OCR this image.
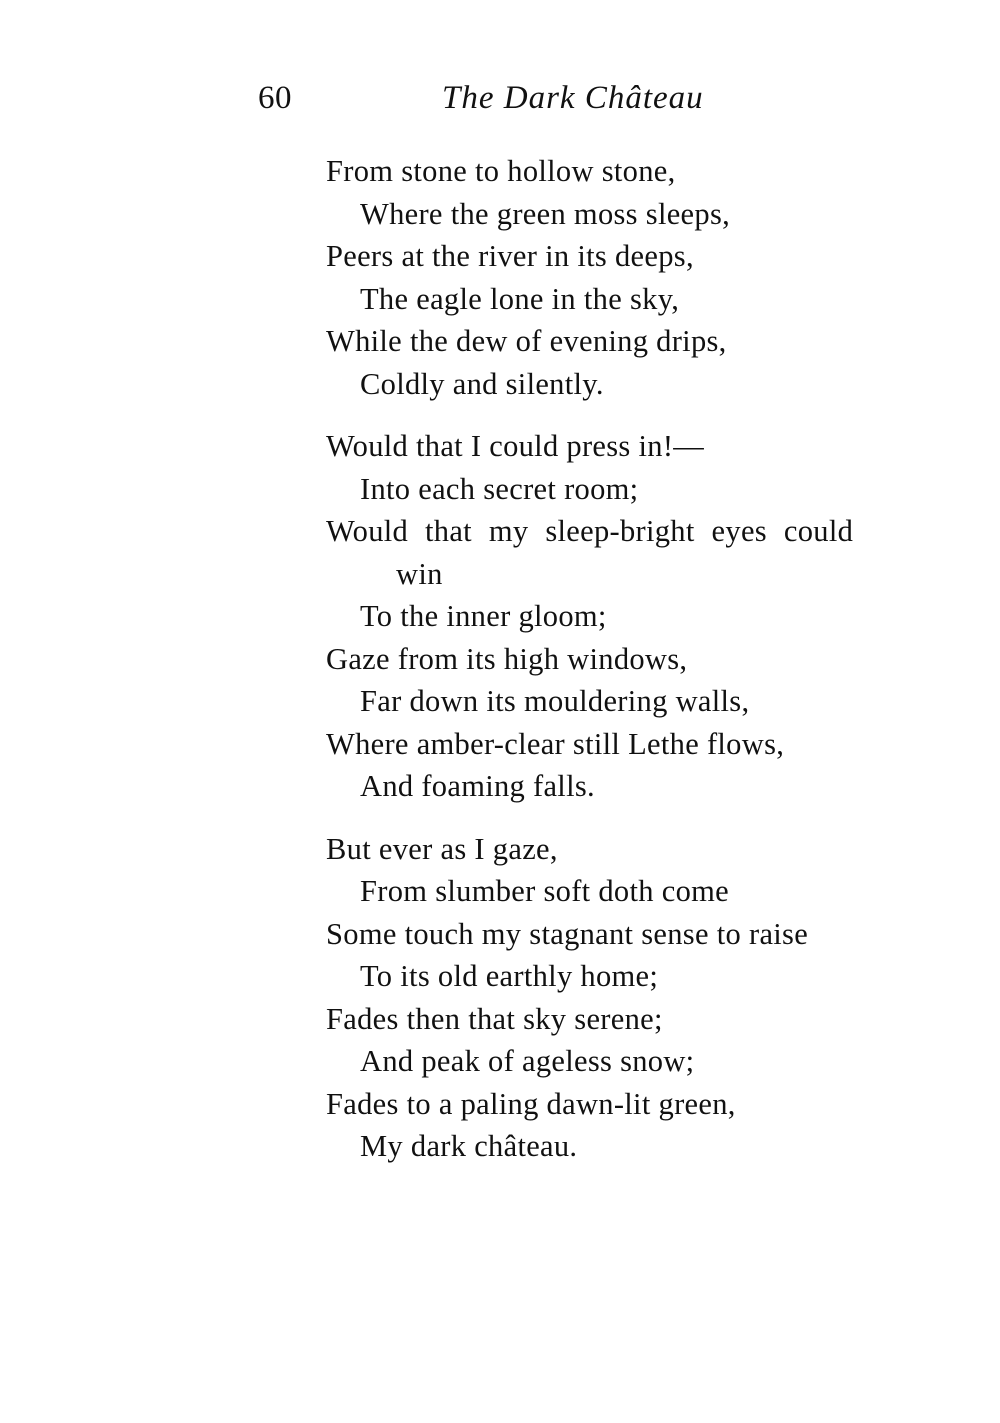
60	The Dark Château
From stone to hollow stone,
Where the green moss sleeps,
Peers at the river in its deeps,
The eagle lone in the sky,
While the dew of evening drips,
Coldly and silently.
Would that I could press in!—
Into each secret room;
Would that my sleep-bright eyes could
win
To the inner gloom;
Gaze from its high windows,
Far down its mouldering walls,
Where amber-clear still Lethe flows,
And foaming falls.
But ever as I gaze,
From slumber soft doth come
Some touch my stagnant sense to raise
To its old earthly home;
Fades then that sky serene;
And peak of ageless snow;
Fades to a paling dawn-lit green,
My dark château.
